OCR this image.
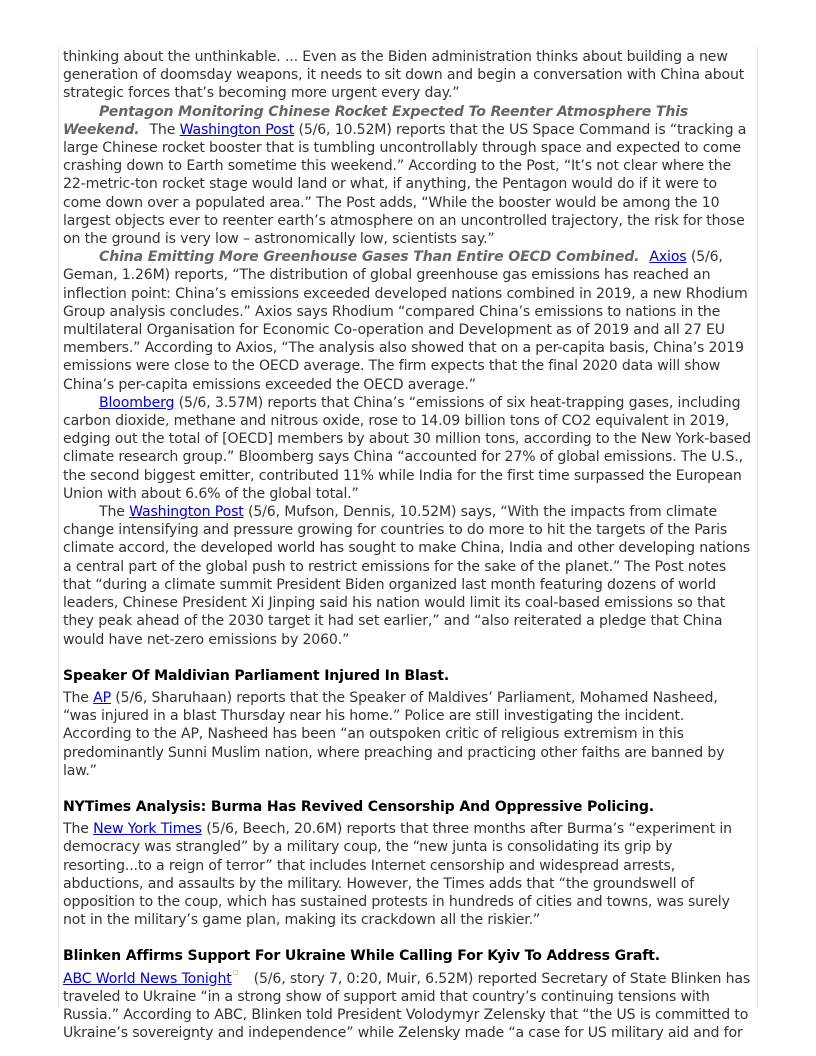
thinking about the unthinkable. ... Even as the Biden administration thinks about building a new generation of doomsday weapons, it needs to sit down and begin a conversation with China about strategic forces that’s becoming more urgent every day.”

Pentagon Monitoring Chinese Rocket Expected To Reenter Atmosphere This Weekend. The Washington Post (5/6, 10.52M) reports that the US Space Command is “tracking a large Chinese rocket booster that is tumbling uncontrollably through space and expected to come crashing down to Earth sometime this weekend.” According to the Post, “It’s not clear where the 22-metric-ton rocket stage would land or what, if anything, the Pentagon would do if it were to come down over a populated area.” The Post adds, “While the booster would be among the 10 largest objects ever to reenter earth’s atmosphere on an uncontrolled trajectory, the risk for those on the ground is very low – astronomically low, scientists say.”

China Emitting More Greenhouse Gases Than Entire OECD Combined. Axios (5/6, Geman, 1.26M) reports, “The distribution of global greenhouse gas emissions has reached an inflection point: China’s emissions exceeded developed nations combined in 2019, a new Rhodium Group analysis concludes.” Axios says Rhodium “compared China’s emissions to nations in the multilateral Organisation for Economic Co-operation and Development as of 2019 and all 27 EU members.” According to Axios, “The analysis also showed that on a per-capita basis, China’s 2019 emissions were close to the OECD average. The firm expects that the final 2020 data will show China’s per-capita emissions exceeded the OECD average.”

Bloomberg (5/6, 3.57M) reports that China’s “emissions of six heat-trapping gases, including carbon dioxide, methane and nitrous oxide, rose to 14.09 billion tons of CO2 equivalent in 2019, edging out the total of [OECD] members by about 30 million tons, according to the New York-based climate research group.” Bloomberg says China “accounted for 27% of global emissions. The U.S., the second biggest emitter, contributed 11% while India for the first time surpassed the European Union with about 6.6% of the global total.”

The Washington Post (5/6, Mufson, Dennis, 10.52M) says, “With the impacts from climate change intensifying and pressure growing for countries to do more to hit the targets of the Paris climate accord, the developed world has sought to make China, India and other developing nations a central part of the global push to restrict emissions for the sake of the planet.” The Post notes that “during a climate summit President Biden organized last month featuring dozens of world leaders, Chinese President Xi Jinping said his nation would limit its coal-based emissions so that they peak ahead of the 2030 target it had set earlier,” and “also reiterated a pledge that China would have net-zero emissions by 2060.”

Speaker Of Maldivian Parliament Injured In Blast.

The AP (5/6, Sharuhaan) reports that the Speaker of Maldives’ Parliament, Mohamed Nasheed, “was injured in a blast Thursday near his home.” Police are still investigating the incident. According to the AP, Nasheed has been “an outspoken critic of religious extremism in this predominantly Sunni Muslim nation, where preaching and practicing other faiths are banned by law.”

NYTimes Analysis: Burma Has Revived Censorship And Oppressive Policing.

The New York Times (5/6, Beech, 20.6M) reports that three months after Burma’s “experiment in democracy was strangled” by a military coup, the “new junta is consolidating its grip by resorting...to a reign of terror” that includes Internet censorship and widespread arrests, abductions, and assaults by the military. However, the Times adds that “the groundswell of opposition to the coup, which has sustained protests in hundreds of cities and towns, was surely not in the military’s game plan, making its crackdown all the riskier.”

Blinken Affirms Support For Ukraine While Calling For Kyiv To Address Graft.

ABC World News Tonight (5/6, story 7, 0:20, Muir, 6.52M) reported Secretary of State Blinken has traveled to Ukraine “in a strong show of support amid that country’s continuing tensions with Russia.” According to ABC, Blinken told President Volodymyr Zelensky that “the US is committed to Ukraine’s sovereignty and independence” while Zelensky made “a case for US military aid and for
